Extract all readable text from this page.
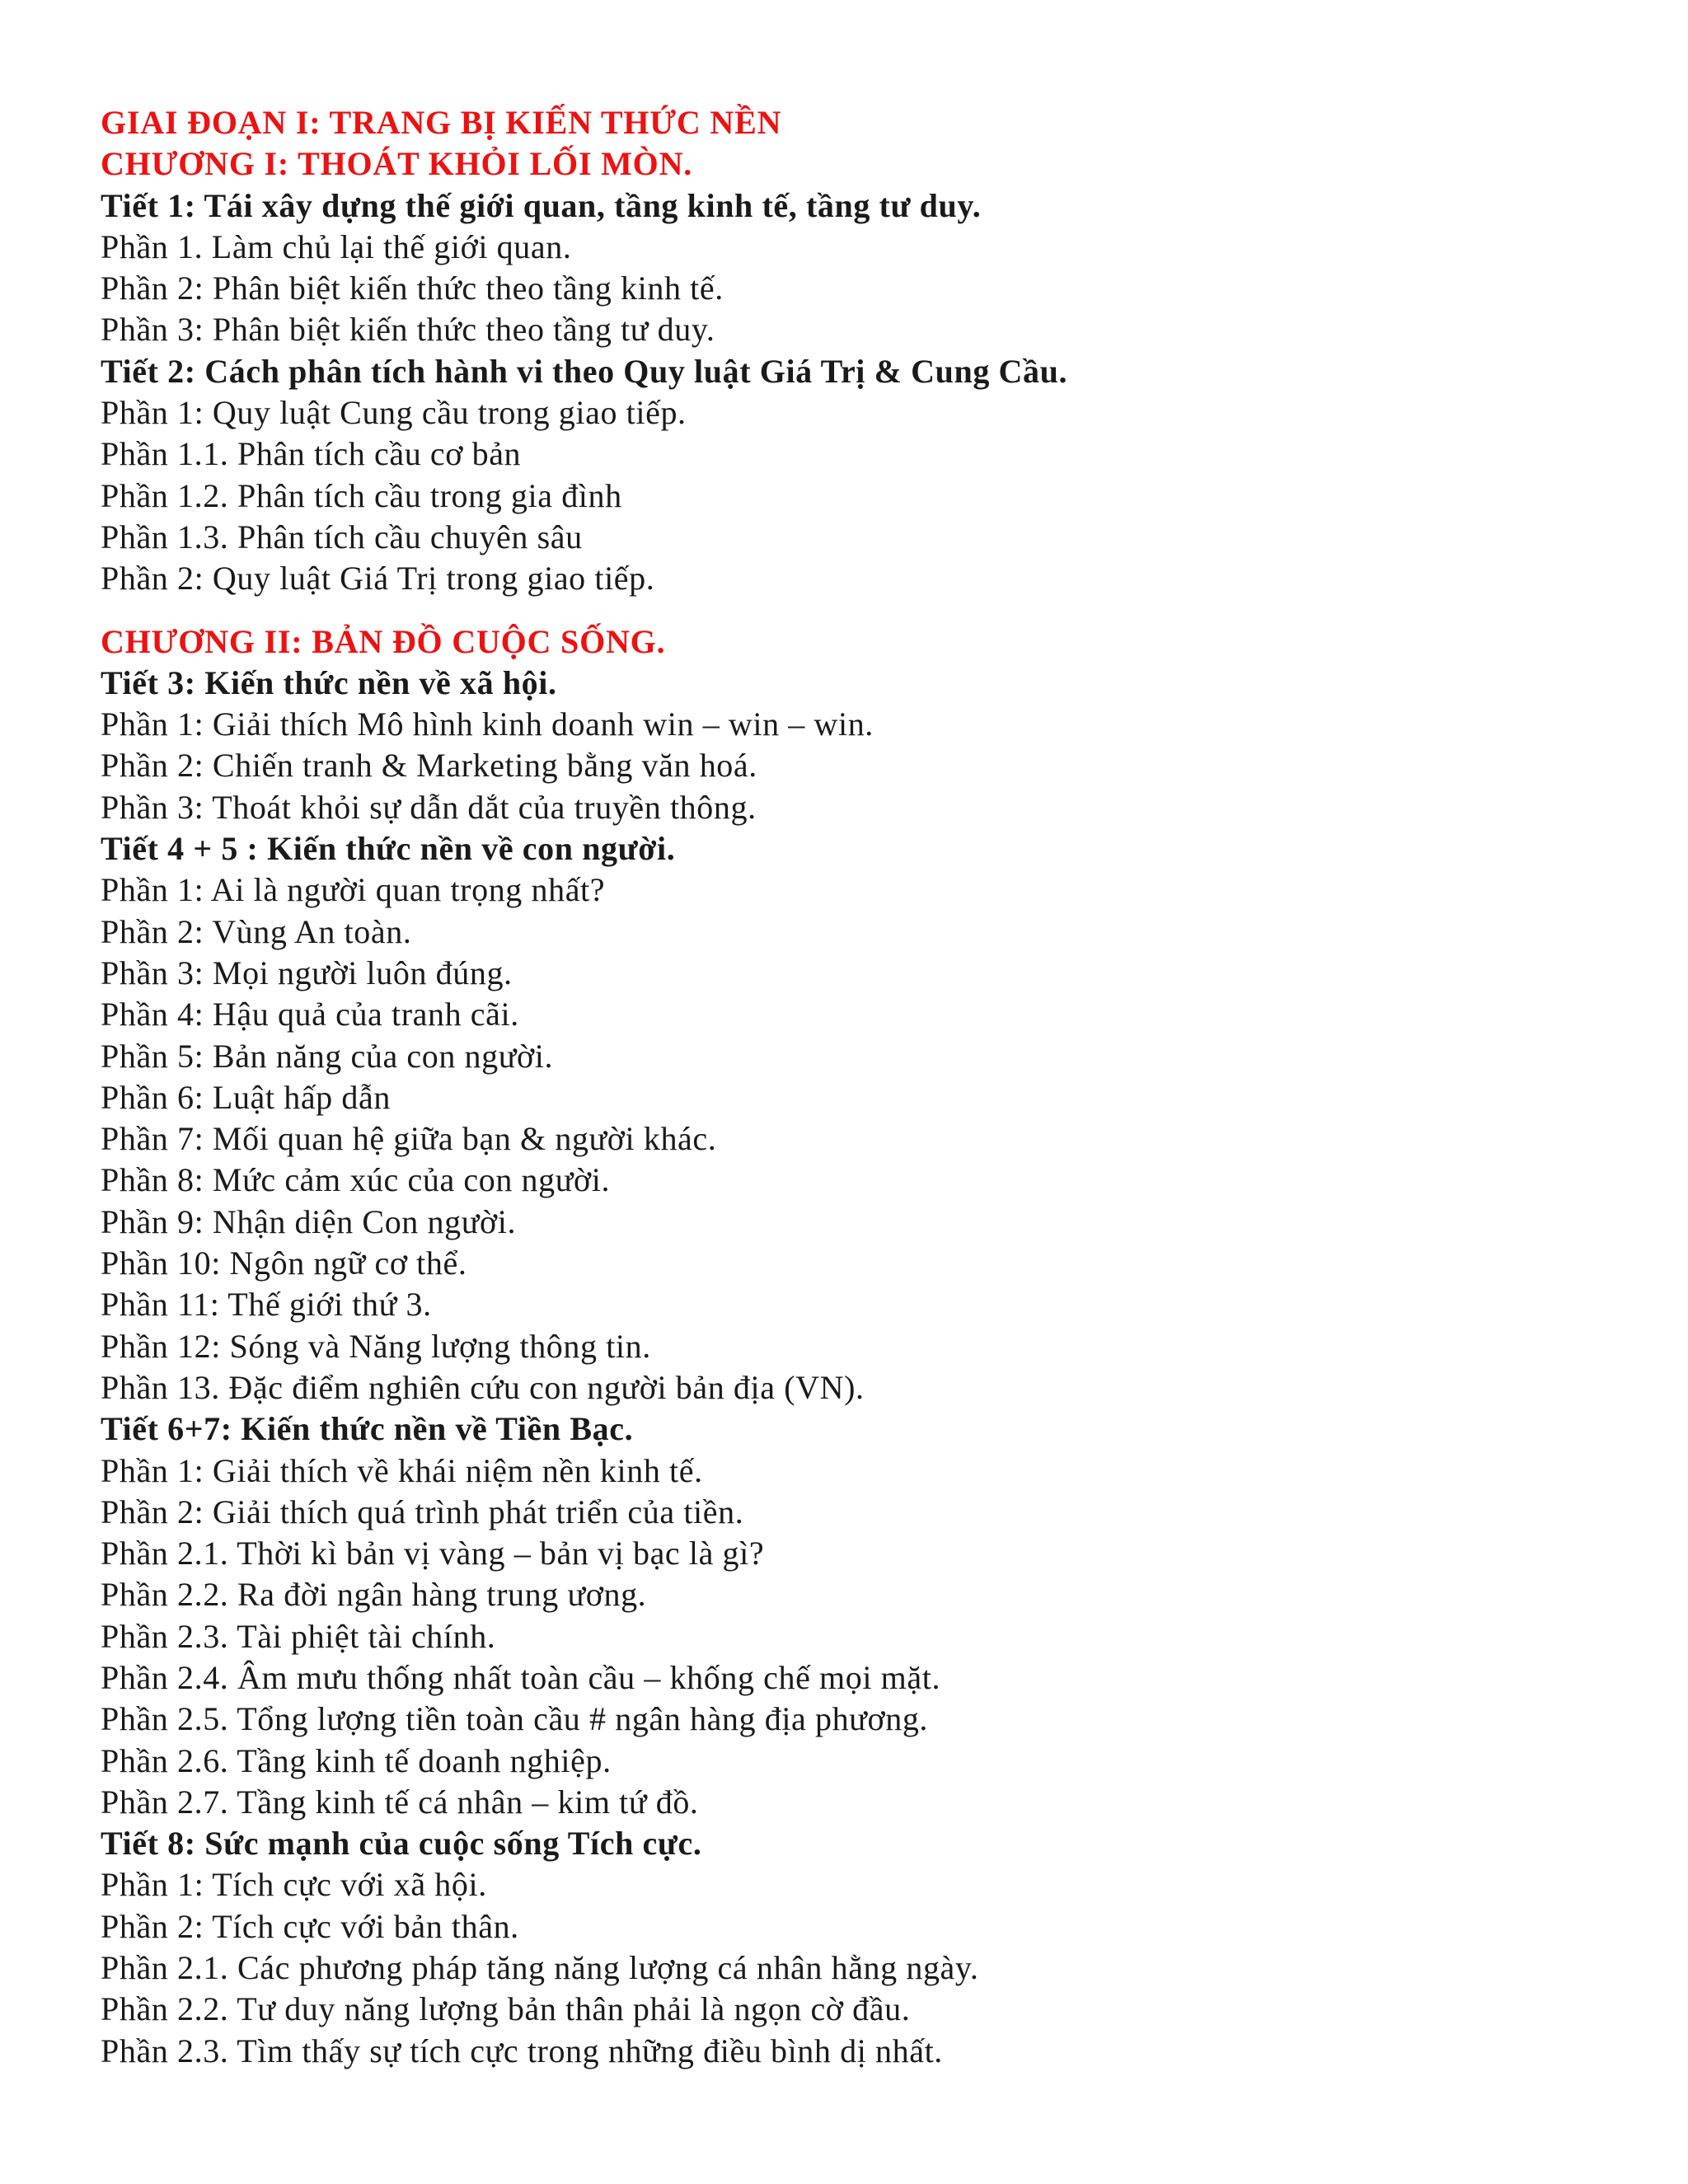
GIAI ĐOẠN I: TRANG BỊ KIẾN THỨC NỀN
CHƯƠNG I: THOÁT KHỎI LỐI MÒN.
Tiết 1: Tái xây dựng thế giới quan, tầng kinh tế, tầng tư duy.
Phần 1. Làm chủ lại thế giới quan.
Phần 2: Phân biệt kiến thức theo tầng kinh tế.
Phần 3: Phân biệt kiến thức theo tầng tư duy.
Tiết 2: Cách phân tích hành vi theo Quy luật Giá Trị & Cung Cầu.
Phần 1: Quy luật Cung cầu trong giao tiếp.
Phần 1.1. Phân tích cầu cơ bản
Phần 1.2. Phân tích cầu trong gia đình
Phần 1.3. Phân tích cầu chuyên sâu
Phần 2: Quy luật Giá Trị trong giao tiếp.
CHƯƠNG II: BẢN ĐỒ CUỘC SỐNG.
Tiết 3: Kiến thức nền về xã hội.
Phần 1: Giải thích Mô hình kinh doanh win – win – win.
Phần 2: Chiến tranh & Marketing bằng văn hoá.
Phần 3: Thoát khỏi sự dẫn dắt của truyền thông.
Tiết 4 + 5 : Kiến thức nền về con người.
Phần 1: Ai là người quan trọng nhất?
Phần 2: Vùng An toàn.
Phần 3: Mọi người luôn đúng.
Phần 4: Hậu quả của tranh cãi.
Phần 5: Bản năng của con người.
Phần 6: Luật hấp dẫn
Phần 7: Mối quan hệ giữa bạn & người khác.
Phần 8: Mức cảm xúc của con người.
Phần 9: Nhận diện Con người.
Phần 10: Ngôn ngữ cơ thể.
Phần 11: Thế giới thứ 3.
Phần 12: Sóng và Năng lượng thông tin.
Phần 13. Đặc điểm nghiên cứu con người bản địa (VN).
Tiết 6+7: Kiến thức nền về Tiền Bạc.
Phần 1: Giải thích về khái niệm nền kinh tế.
Phần 2: Giải thích quá trình phát triển của tiền.
Phần 2.1. Thời kì bản vị vàng – bản vị bạc là gì?
Phần 2.2. Ra đời ngân hàng trung ương.
Phần 2.3. Tài phiệt tài chính.
Phần 2.4. Âm mưu thống nhất toàn cầu – khống chế mọi mặt.
Phần 2.5. Tổng lượng tiền toàn cầu # ngân hàng địa phương.
Phần 2.6. Tầng kinh tế doanh nghiệp.
Phần 2.7. Tầng kinh tế cá nhân – kim tứ đồ.
Tiết 8: Sức mạnh của cuộc sống Tích cực.
Phần 1: Tích cực với xã hội.
Phần 2: Tích cực với bản thân.
Phần 2.1. Các phương pháp tăng năng lượng cá nhân hằng ngày.
Phần 2.2. Tư duy năng lượng bản thân phải là ngọn cờ đầu.
Phần 2.3. Tìm thấy sự tích cực trong những điều bình dị nhất.
